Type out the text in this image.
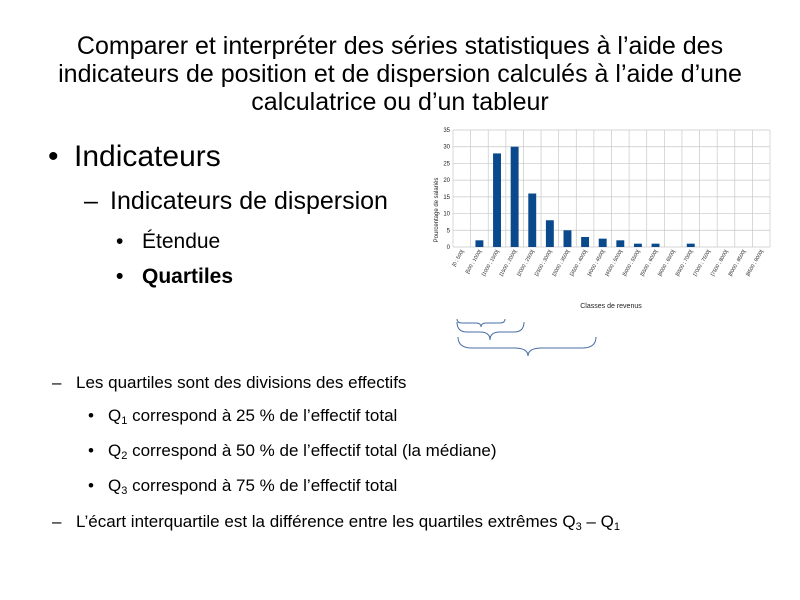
Comparer et interpréter des séries statistiques à l’aide des indicateurs de position et de dispersion calculés à l’aide d’une calculatrice ou d’un tableur
• Indicateurs
– Indicateurs de dispersion
• Étendue
• Quartiles
0
5
10
15
20
25
30
35
[0 ; 500[ [500 ; 1000[
[1000 ; 1500[
[1500 ; 2000[
[2000 ; 2500[
[2500 ; 3000[
[3000 ; 3500[
[3500 ; 4000[
[4000 ; 4500[
[4500 ; 5000[
[5000 ; 5500[
[5500 ; 6000[
[6000 ; 6500[
[6500 ; 7000[
[7000 ; 7500[
[7500 ; 8000[
[8000 ; 8500[
[8500 ; 9000[
Pourcentage de salariés
Classes de revenus
– Les quartiles sont des divisions des effectifs
• $Q_1$ correspond à 25 % de l’effectif total
• $Q_2$ correspond à 50 % de l’effectif total (la médiane)
• $Q_3$ correspond à 75 % de l’effectif total
– L’écart interquartile est la différence entre les quartiles extrêmes $Q_3 - Q_1$
